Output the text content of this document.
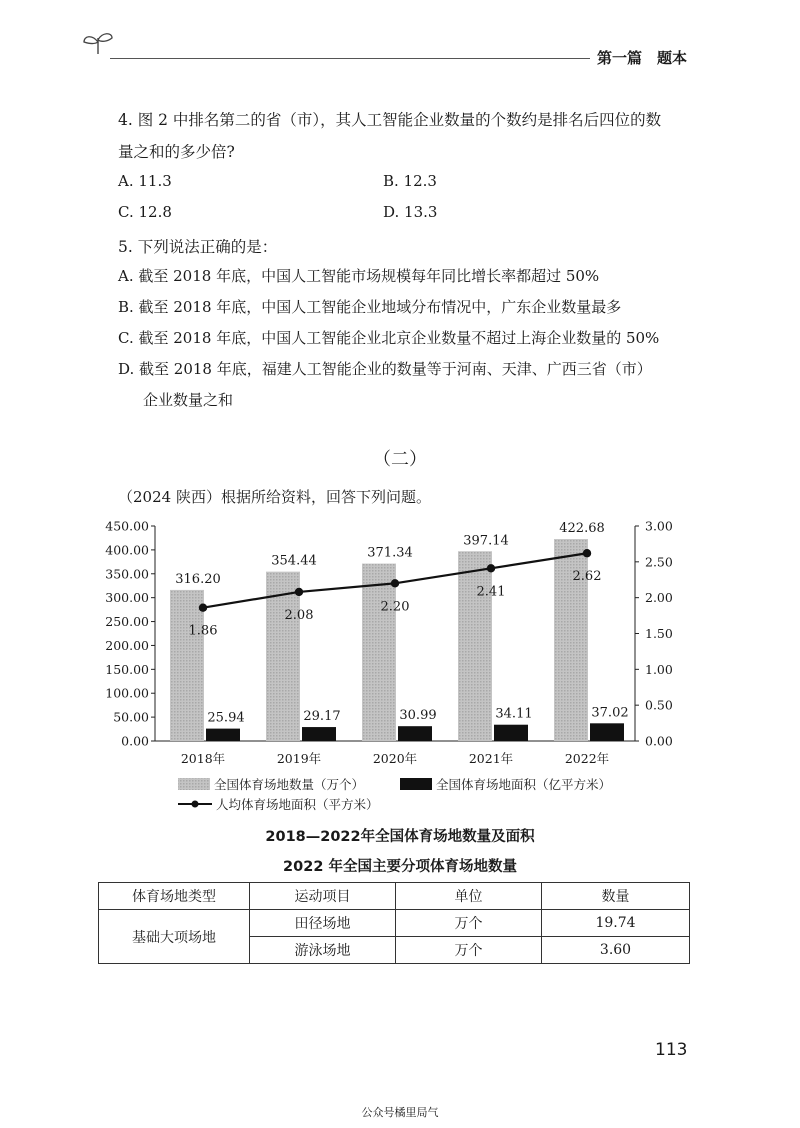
第一篇　题本
4. 图 2 中排名第二的省（市），其人工智能企业数量的个数约是排名后四位的数
量之和的多少倍?
A. 11.3	B. 12.3
C. 12.8	D. 13.3
5. 下列说法正确的是：
A. 截至 2018 年底，中国人工智能市场规模每年同比增长率都超过 50%
B. 截至 2018 年底，中国人工智能企业地域分布情况中，广东企业数量最多
C. 截至 2018 年底，中国人工智能企业北京企业数量不超过上海企业数量的 50%
D. 截至 2018 年底，福建人工智能企业的数量等于河南、天津、广西三省（市）
企业数量之和
（二）
（2024 陕西）根据所给资料，回答下列问题。
0.00
50.00
100.00
150.00
200.00
250.00
300.00
350.00
400.00
450.00
0.00
0.50
1.00
1.50
2.00
2.50
3.00
316.20
25.94
2018年
354.44
29.17
2019年
371.34
30.99
2020年
397.14
34.11
2021年
422.68
37.02
2022年
1.86
2.08
2.20
2.41
2.62
全国体育场地数量（万个）	全国体育场地面积（亿平方米）
人均体育场地面积（平方米）
2018—2022年全国体育场地数量及面积
2022 年全国主要分项体育场地数量
体育场地类型	运动项目	单位	数量
基础大项场地	田径场地	万个	19.74
	游泳场地	万个	3.60
113
公众号橘里局气
